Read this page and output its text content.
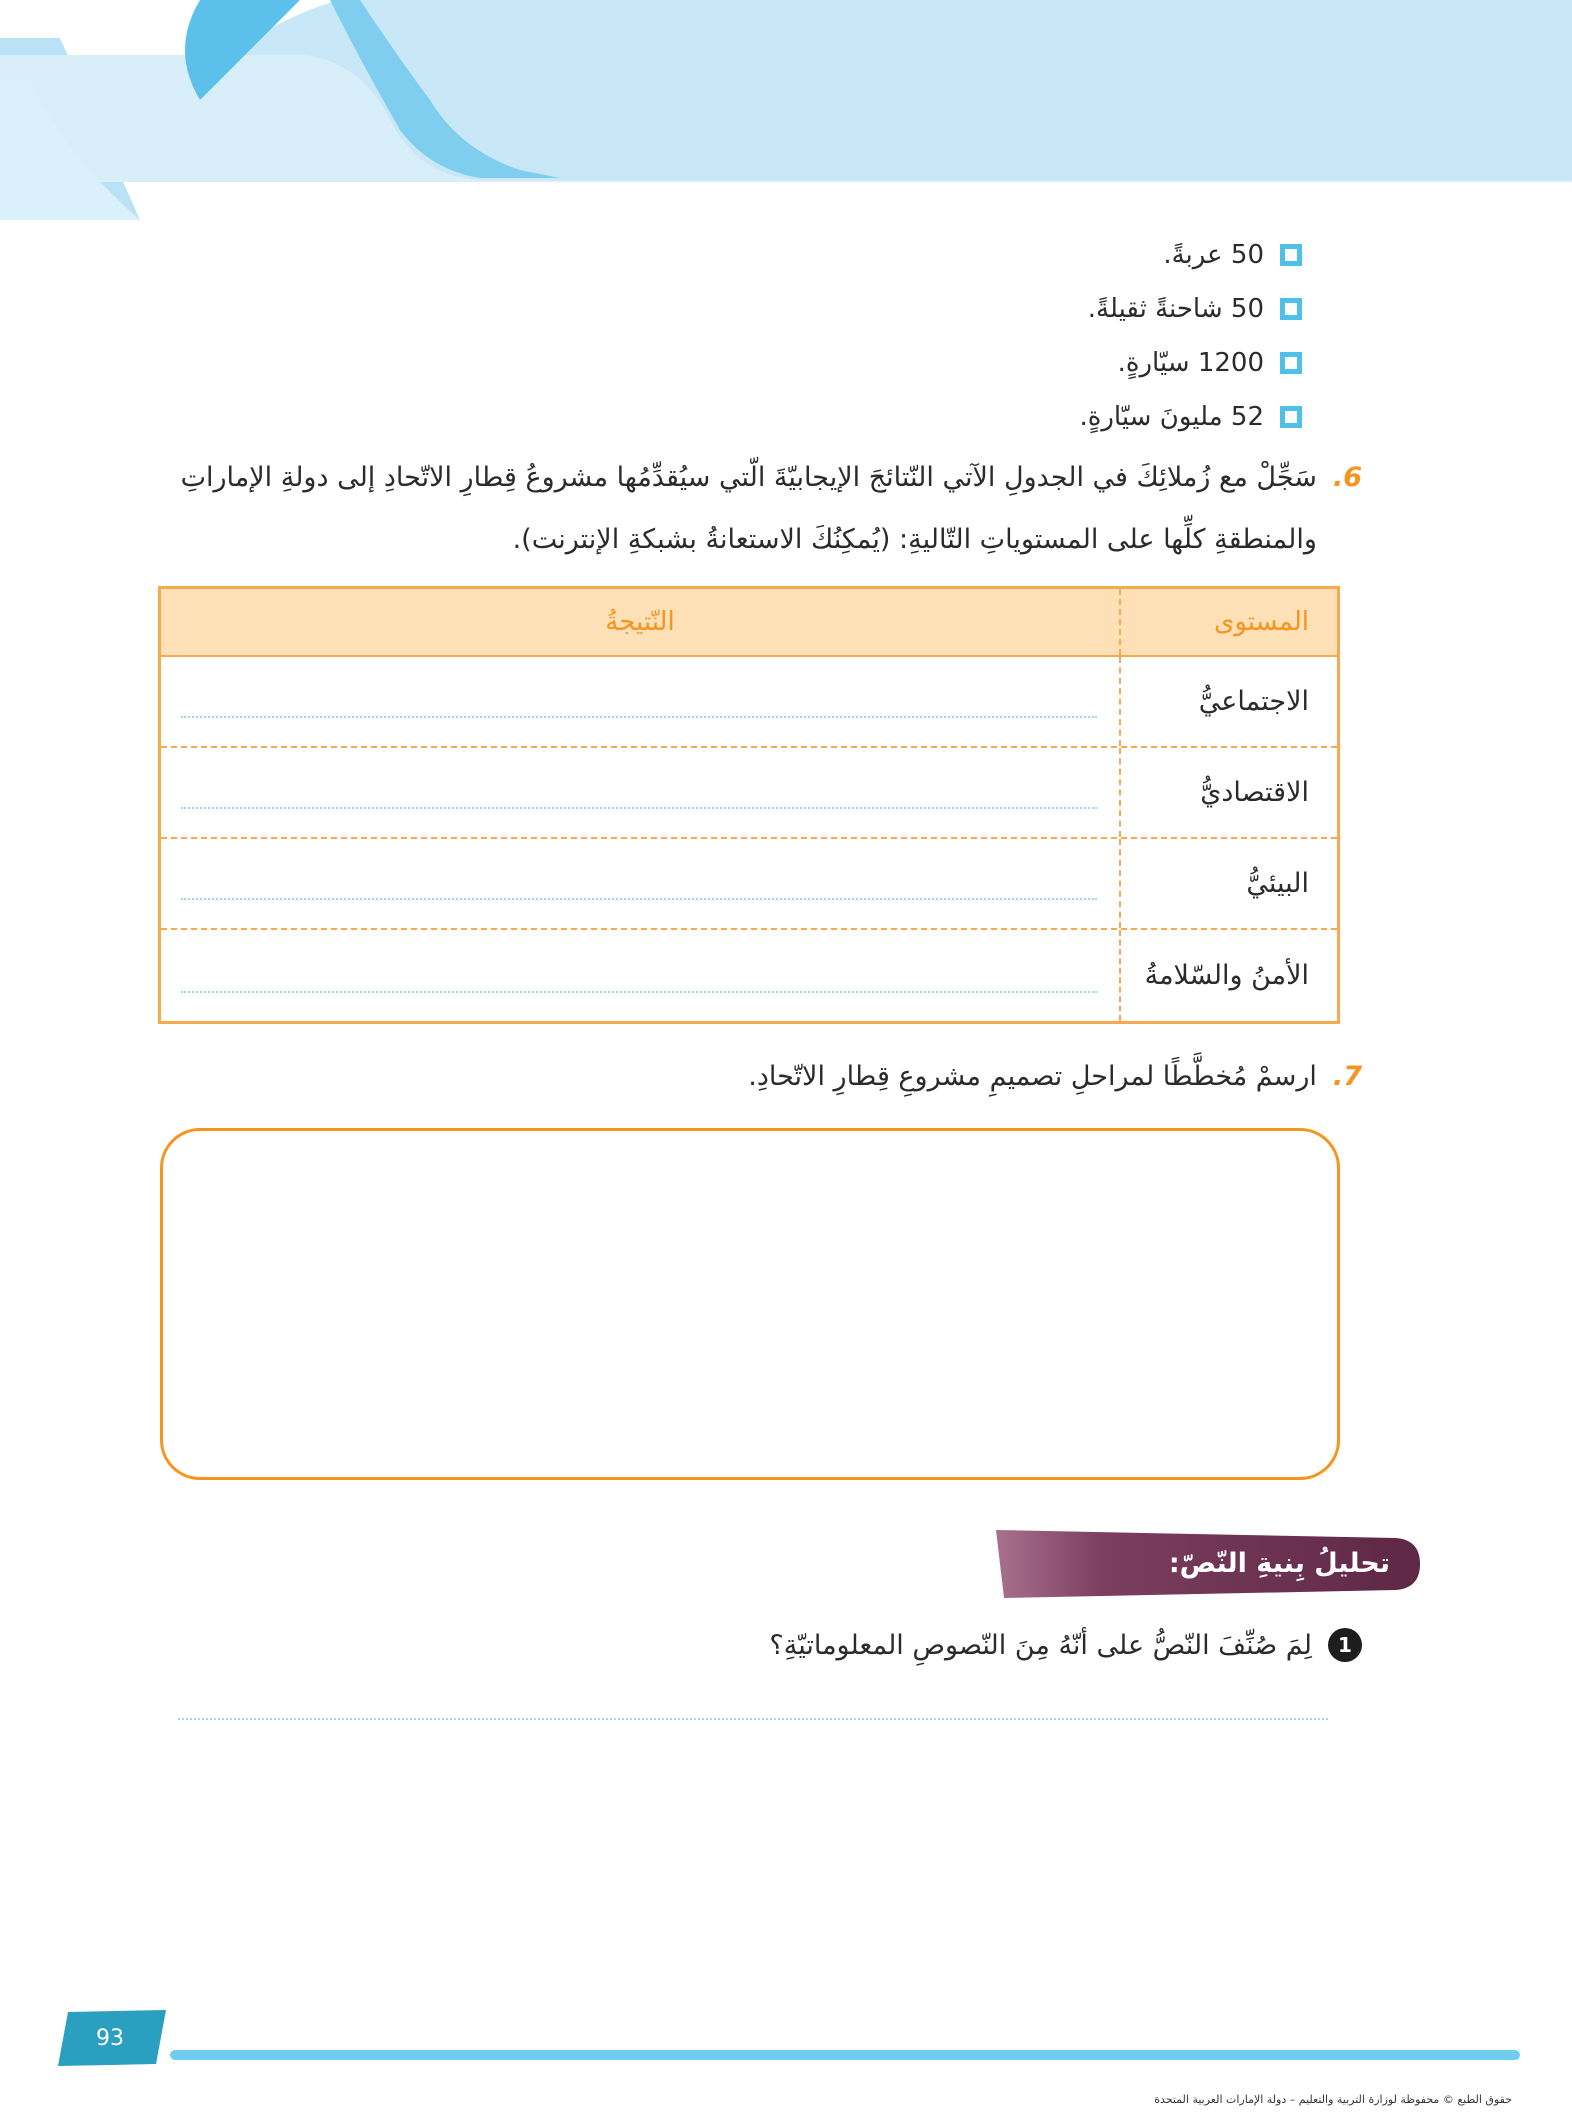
50 عربةً.
50 شاحنةً ثقيلةً.
1200 سيّارةٍ.
52 مليونَ سيّارةٍ.
6.
سَجِّلْ مع زُملائِكَ في الجدولِ الآتي النّتائجَ الإيجابيّةَ الّتي سيُقدِّمُها مشروعُ قِطارِ الاتّحادِ إلى دولةِ الإماراتِ
والمنطقةِ كلِّها على المستوياتِ التّاليةِ: (يُمكِنُكَ الاستعانةُ بشبكةِ الإنترنت).
المستوى
النّتيجةُ
الاجتماعيُّ
الاقتصاديُّ
البيئيُّ
الأمنُ والسّلامةُ
7.
ارسمْ مُخطَّطًا لمراحلِ تصميمِ مشروعِ قِطارِ الاتّحادِ.
تحليلُ بِنيةِ النّصّ:
1
لِمَ صُنِّفَ النّصُّ على أنّهُ مِنَ النّصوصِ المعلوماتيّةِ؟
93
حقوق الطبع © محفوظة لوزارة التربية والتعليم – دولة الإمارات العربية المتحدة
